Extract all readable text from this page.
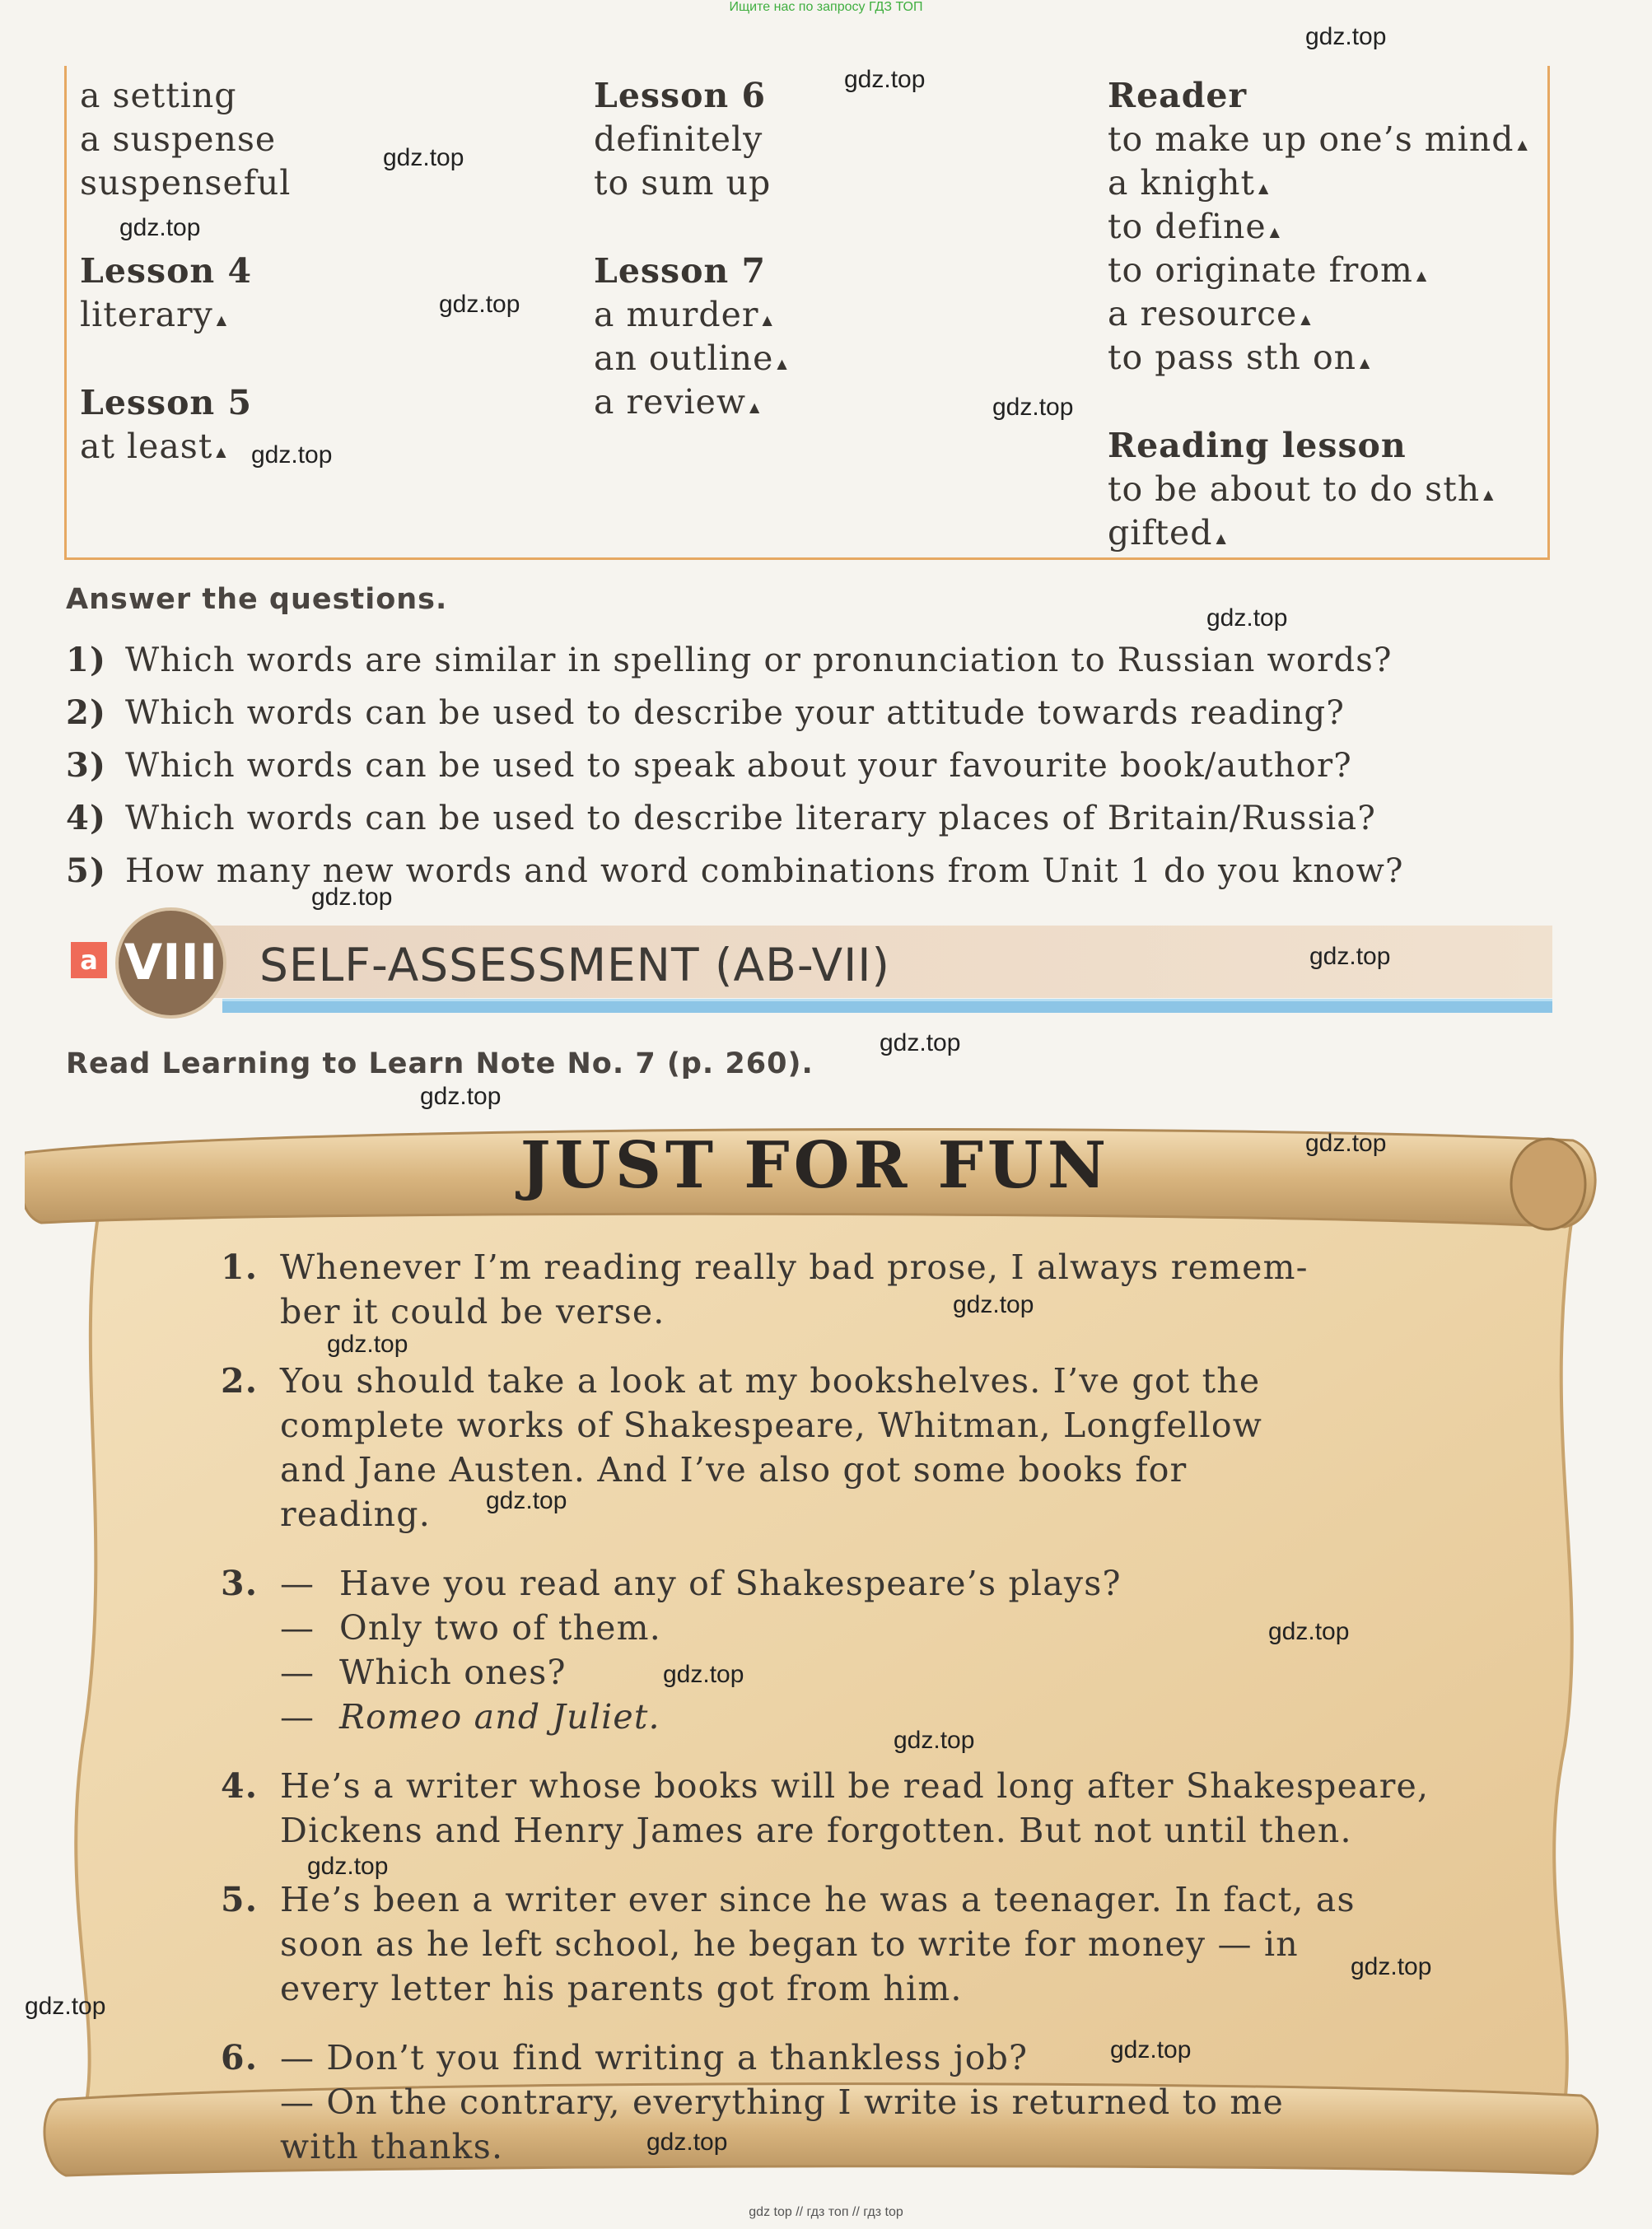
Ищите нас по запросу ГДЗ ТОП
a setting
a suspense
suspenseful
Lesson 4
literary ▲
Lesson 5
at least ▲
Lesson 6
definitely
to sum up
Lesson 7
a murder ▲
an outline ▲
a review ▲
Reader
to make up one’s mind ▲
a knight ▲
to define ▲
to originate from ▲
a resource ▲
to pass sth on ▲
Reading lesson
to be about to do sth ▲
gifted ▲
Answer the questions.
1) Which words are similar in spelling or pronunciation to Russian words?
2) Which words can be used to describe your attitude towards reading?
3) Which words can be used to speak about your favourite book/author?
4) Which words can be used to describe literary places of Britain/Russia?
5) How many new words and word combinations from Unit 1 do you know?
a VIII SELF-ASSESSMENT (AB-VII)
Read Learning to Learn Note No. 7 (p. 260).
JUST FOR FUN
1. Whenever I’m reading really bad prose, I always remem-
ber it could be verse.
2. You should take a look at my bookshelves. I’ve got the
complete works of Shakespeare, Whitman, Longfellow
and Jane Austen. And I’ve also got some books for
reading.
3. — Have you read any of Shakespeare’s plays?
— Only two of them.
— Which ones?
— Romeo and Juliet.
4. He’s a writer whose books will be read long after Shakespeare,
Dickens and Henry James are forgotten. But not until then.
5. He’s been a writer ever since he was a teenager. In fact, as
soon as he left school, he began to write for money — in
every letter his parents got from him.
6. — Don’t you find writing a thankless job?
— On the contrary, everything I write is returned to me
with thanks.
gdz.top
gdz.top
gdz.top
gdz.top
gdz.top
gdz.top
gdz.top
gdz.top
gdz.top
gdz.top
gdz.top
gdz.top
gdz.top
gdz.top
gdz.top
gdz.top
gdz.top
gdz.top
gdz.top
gdz.top
gdz.top
gdz.top
gdz.top
gdz.top
gdz top // гдз топ // гдз top
